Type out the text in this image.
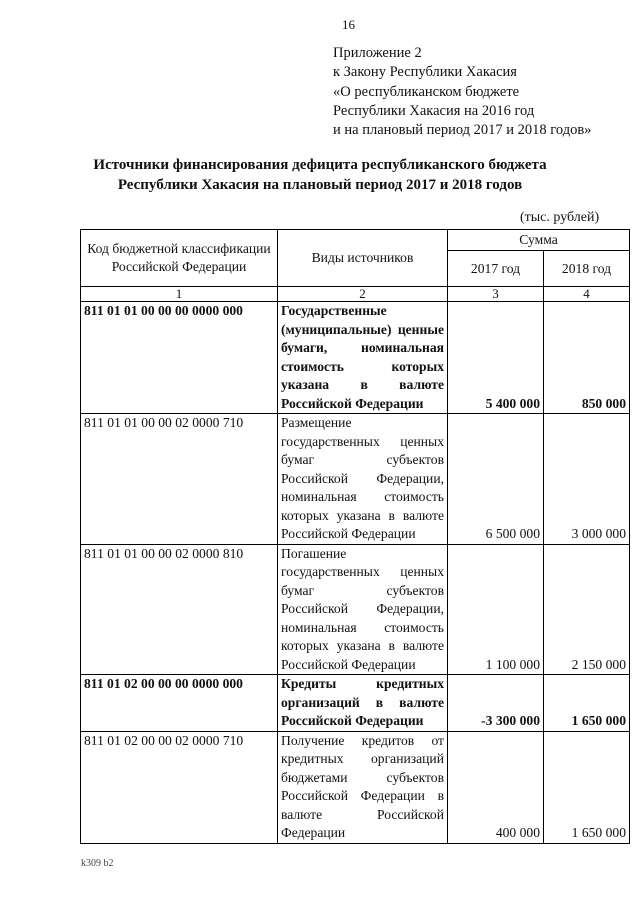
16
Приложение 2
к Закону Республики Хакасия
«О республиканском бюджете
Республики Хакасия на 2016 год
и на плановый период 2017 и 2018 годов»
Источники финансирования дефицита республиканского бюджета
Республики Хакасия на плановый период 2017 и 2018 годов
(тыс. рублей)
Код бюджетной классификации Российской Федерации	Виды источников	Сумма	
		2017 год	2018 год
1	2	3	4
811 01 01 00 00 00 0000 000	Государственные (муниципальные) ценные бумаги, номинальная стоимость которых указана в валюте Российской Федерации	5 400 000	850 000
811 01 01 00 00 02 0000 710	Размещение государственных ценных бумаг субъектов Российской Федерации, номинальная стоимость которых указана в валюте Российской Федерации	6 500 000	3 000 000
811 01 01 00 00 02 0000 810	Погашение государственных ценных бумаг субъектов Российской Федерации, номинальная стоимость которых указана в валюте Российской Федерации	1 100 000	2 150 000
811 01 02 00 00 00 0000 000	Кредиты кредитных организаций в валюте Российской Федерации	-3 300 000	1 650 000
811 01 02 00 00 02 0000 710	Получение кредитов от кредитных организаций бюджетами субъектов Российской Федерации в валюте Российской Федерации	400 000	1 650 000
k309 b2
